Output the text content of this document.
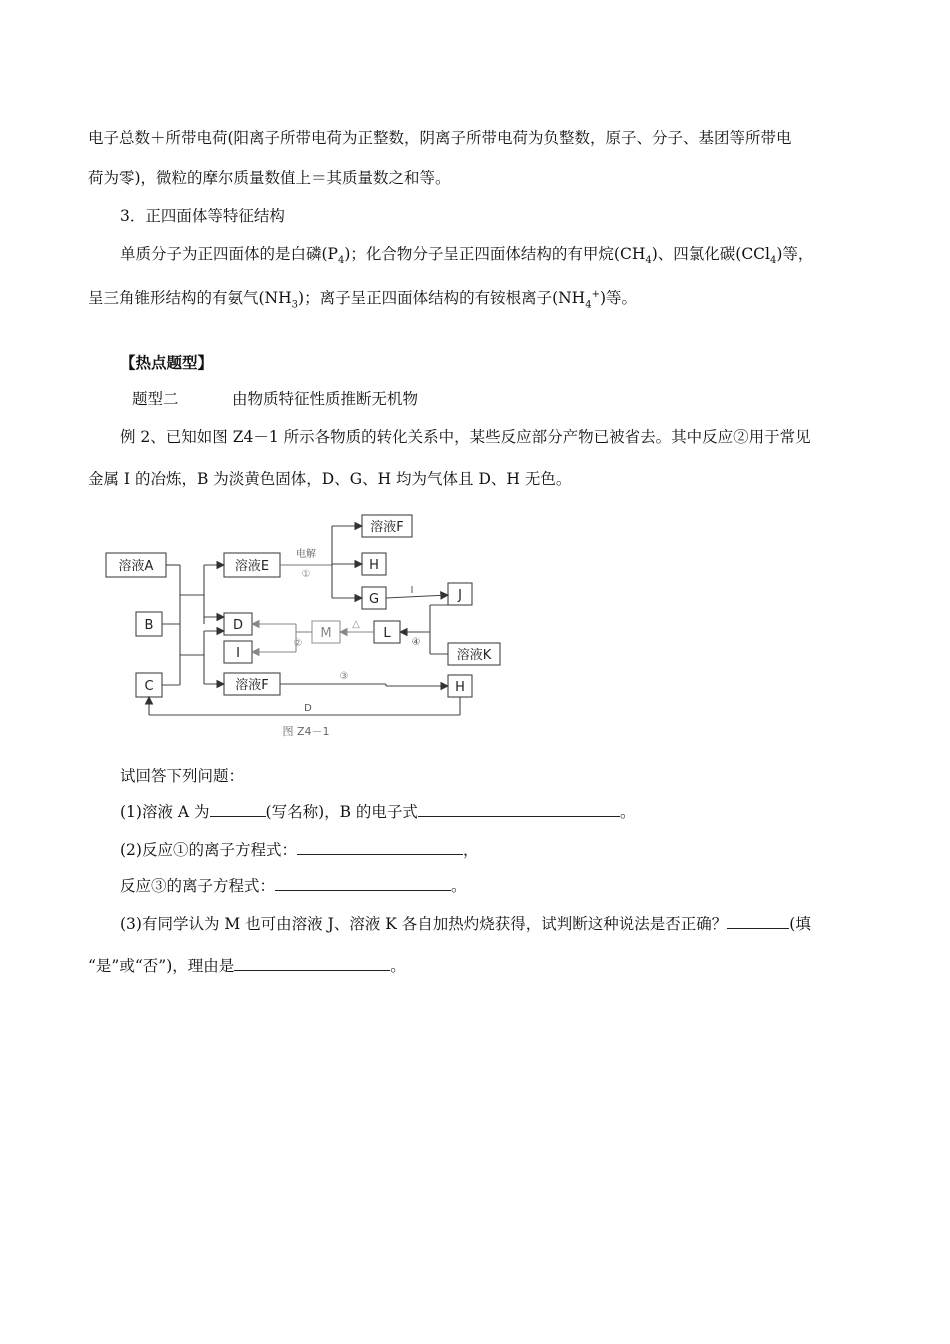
电子总数＋所带电荷(阳离子所带电荷为正整数，阴离子所带电荷为负整数，原子、分子、基团等所带电
荷为零)，微粒的摩尔质量数值上＝其质量数之和等。
3．正四面体等特征结构
单质分子为正四面体的是白磷$(P_4)$；化合物分子呈正四面体结构的有甲烷$(CH_4)$、四氯化碳(CCl$_4$)等，
呈三角锥形结构的有氨气$(NH_3)$；离子呈正四面体结构的有铵根离子$(NH_4^+)$等。
【热点题型】
题型二	由物质特征性质推断无机物
例 2、已知如图 Z4－1 所示各物质的转化关系中，某些反应部分产物已被省去。其中反应②用于常见
金属 I 的冶炼，B 为淡黄色固体，D、G、H 均为气体且 D、H 无色。
溶液A
B
C
溶液E
D
I
溶液F
M	L
溶液F
H
G	J
溶液K
H
电解
①
I
②
△
④
③
D
图 Z4－1
试回答下列问题：
(1)溶液 A 为	(写名称)，B 的电子式	。
(2)反应①的离子方程式：	，
反应③的离子方程式：	。
(3)有同学认为 M 也可由溶液 J、溶液 K 各自加热灼烧获得，试判断这种说法是否正确？	(填
“是”或“否”)，理由是	。
